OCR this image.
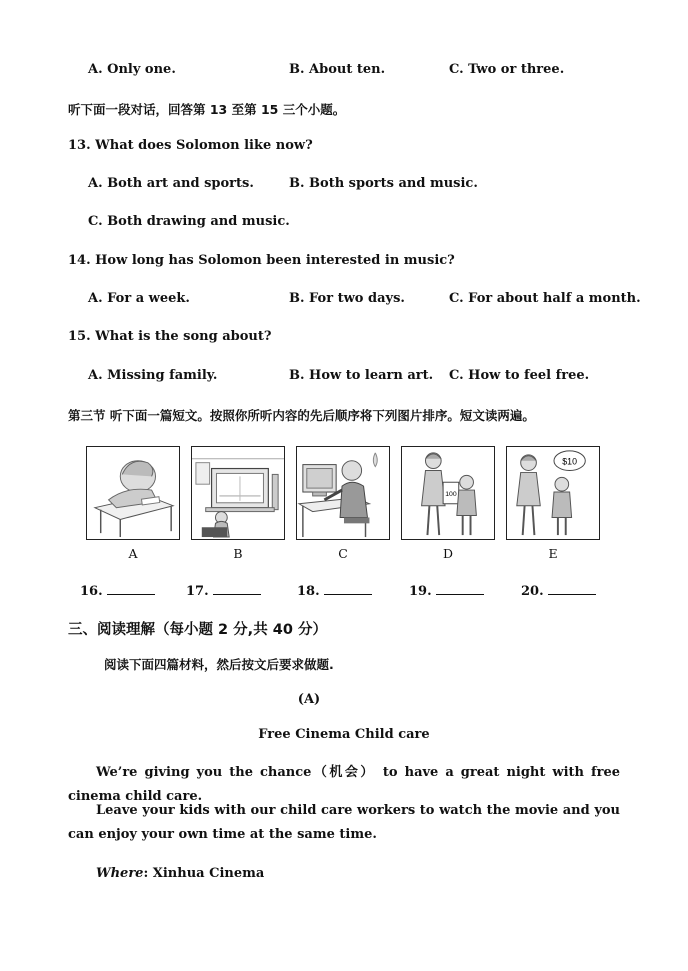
A. Only one.	B. About ten.	C. Two or three.
听下面一段对话，回答第 13 至第 15 三个小题。
13. What does Solomon like now?
A. Both art and sports.	B. Both sports and music.
C. Both drawing and music.
14. How long has Solomon been interested in music?
A. For a week.	B. For two days.	C. For about half a month.
15. What is the song about?
A. Missing family.	B. How to learn art. C. How to feel free.
第三节 听下面一篇短文。按照你所听内容的先后顺序将下列图片排序。短文读两遍。
100
$10
A	B	C	D	E
16.	17.	18.	19.	20.
三、阅读理解（每小题 2 分,共 40 分）
阅读下面四篇材料，然后按文后要求做题.
(A)
Free Cinema Child care
We’re giving you the chance（机会） to have a great night with free cinema child care.
Leave your kids with our child care workers to watch the movie and you can enjoy your own time at the same time.
Where: Xinhua Cinema
